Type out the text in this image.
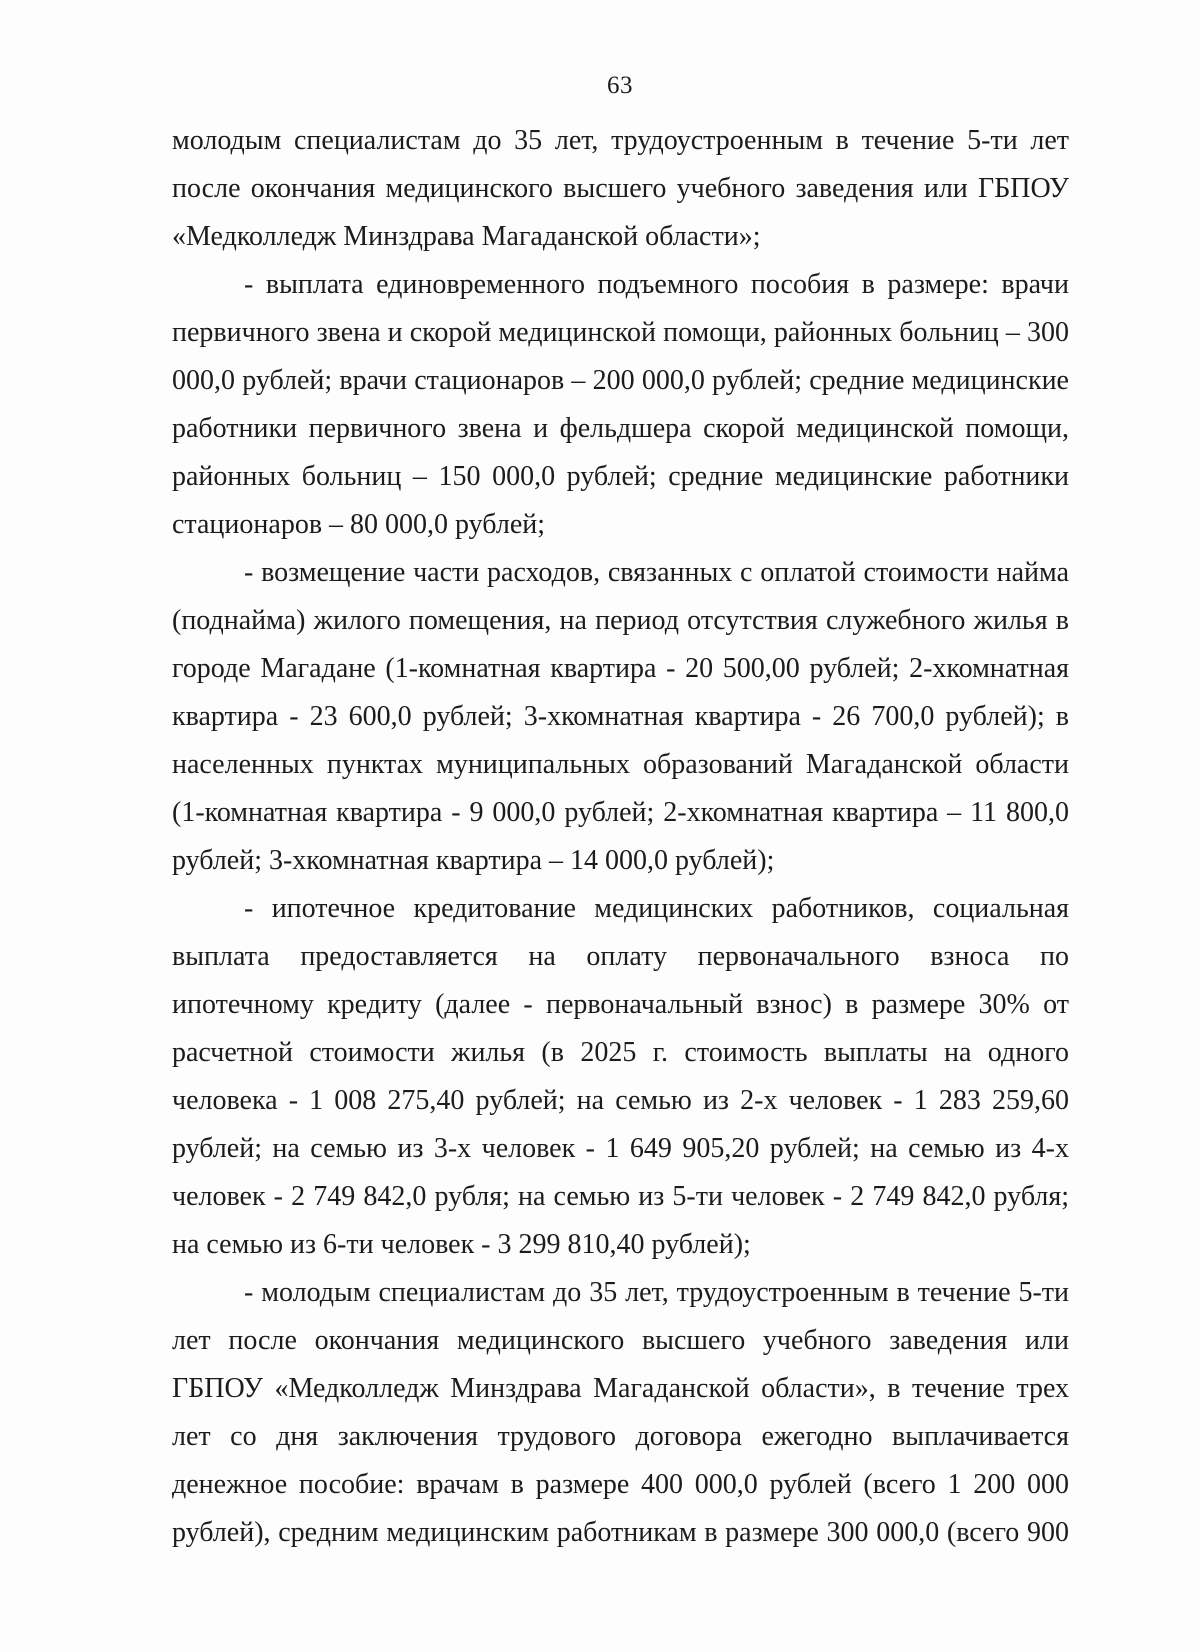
63
молодым специалистам до 35 лет, трудоустроенным в течение 5-ти лет
после окончания медицинского высшего учебного заведения или ГБПОУ
«Медколледж Минздрава Магаданской области»;
- выплата единовременного подъемного пособия в размере: врачи
первичного звена и скорой медицинской помощи, районных больниц – 300
000,0 рублей; врачи стационаров – 200 000,0 рублей; средние медицинские
работники первичного звена и фельдшера скорой медицинской помощи,
районных больниц – 150 000,0 рублей; средние медицинские работники
стационаров – 80 000,0 рублей;
- возмещение части расходов, связанных с оплатой стоимости найма
(поднайма) жилого помещения, на период отсутствия служебного жилья в
городе Магадане (1-комнатная квартира - 20 500,00 рублей; 2-хкомнатная
квартира - 23 600,0 рублей; 3-хкомнатная квартира - 26 700,0 рублей); в
населенных пунктах муниципальных образований Магаданской области
(1-комнатная квартира - 9 000,0 рублей; 2-хкомнатная квартира – 11 800,0
рублей; 3-хкомнатная квартира – 14 000,0 рублей);
- ипотечное кредитование медицинских работников, социальная
выплата предоставляется на оплату первоначального взноса по
ипотечному кредиту (далее - первоначальный взнос) в размере 30% от
расчетной стоимости жилья (в 2025 г. стоимость выплаты на одного
человека - 1 008 275,40 рублей; на семью из 2-х человек - 1 283 259,60
рублей; на семью из 3-х человек - 1 649 905,20 рублей; на семью из 4-х
человек - 2 749 842,0 рубля; на семью из 5-ти человек - 2 749 842,0 рубля;
на семью из 6-ти человек - 3 299 810,40 рублей);
- молодым специалистам до 35 лет, трудоустроенным в течение 5-ти
лет после окончания медицинского высшего учебного заведения или
ГБПОУ «Медколледж Минздрава Магаданской области», в течение трех
лет со дня заключения трудового договора ежегодно выплачивается
денежное пособие: врачам в размере 400 000,0 рублей (всего 1 200 000
рублей), средним медицинским работникам в размере 300 000,0 (всего 900
